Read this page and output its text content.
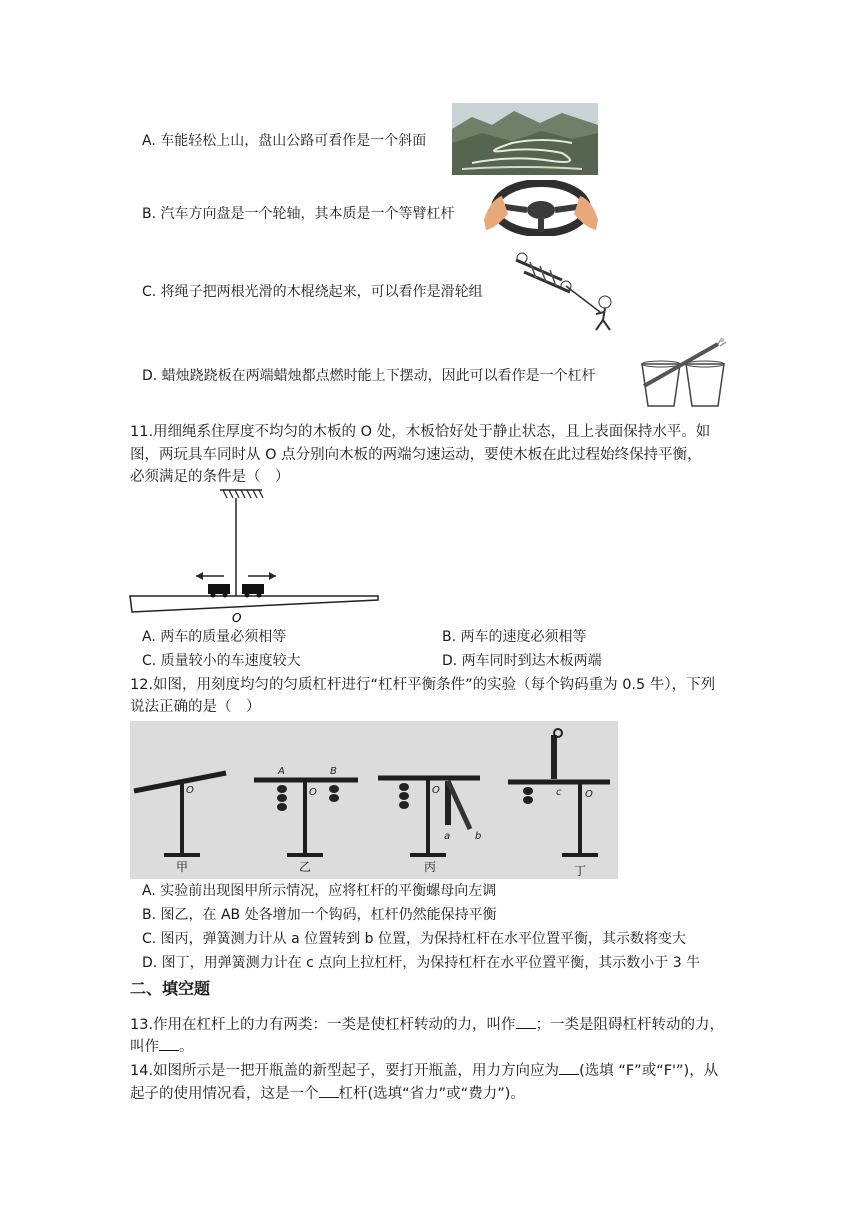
A. 车能轻松上山，盘山公路可看作是一个斜面
B. 汽车方向盘是一个轮轴，其本质是一个等臂杠杆
C. 将绳子把两根光滑的木棍绕起来，可以看作是滑轮组
D. 蜡烛跷跷板在两端蜡烛都点燃时能上下摆动，因此可以看作是一个杠杆
11.用细绳系住厚度不均匀的木板的 O 处，木板恰好处于静止状态，且上表面保持水平。如
图，两玩具车同时从 O 点分别向木板的两端匀速运动，要使木板在此过程始终保持平衡，
必须满足的条件是（　）
O
A. 两车的质量必须相等	B. 两车的速度必须相等
C. 质量较小的车速度较大	D. 两车同时到达木板两端
12.如图，用刻度均匀的匀质杠杆进行“杠杆平衡条件”的实验（每个钩码重为 0.5 牛），下列
说法正确的是（　）
O
甲
A	B
O
乙
O
a b
丙
c O
丁
A. 实验前出现图甲所示情况，应将杠杆的平衡螺母向左调
B. 图乙，在 AB 处各增加一个钩码，杠杆仍然能保持平衡
C. 图丙，弹簧测力计从 a 位置转到 b 位置，为保持杠杆在水平位置平衡，其示数将变大
D. 图丁，用弹簧测力计在 c 点向上拉杠杆，为保持杠杆在水平位置平衡，其示数小于 3 牛
二、填空题
13.作用在杠杆上的力有两类：一类是使杠杆转动的力，叫作 ；一类是阻碍杠杆转动的力，
叫作 。
14.如图所示是一把开瓶盖的新型起子，要打开瓶盖，用力方向应为 (选填 “F”或“F'”)，从
起子的使用情况看，这是一个 杠杆(选填“省力”或“费力”)。
